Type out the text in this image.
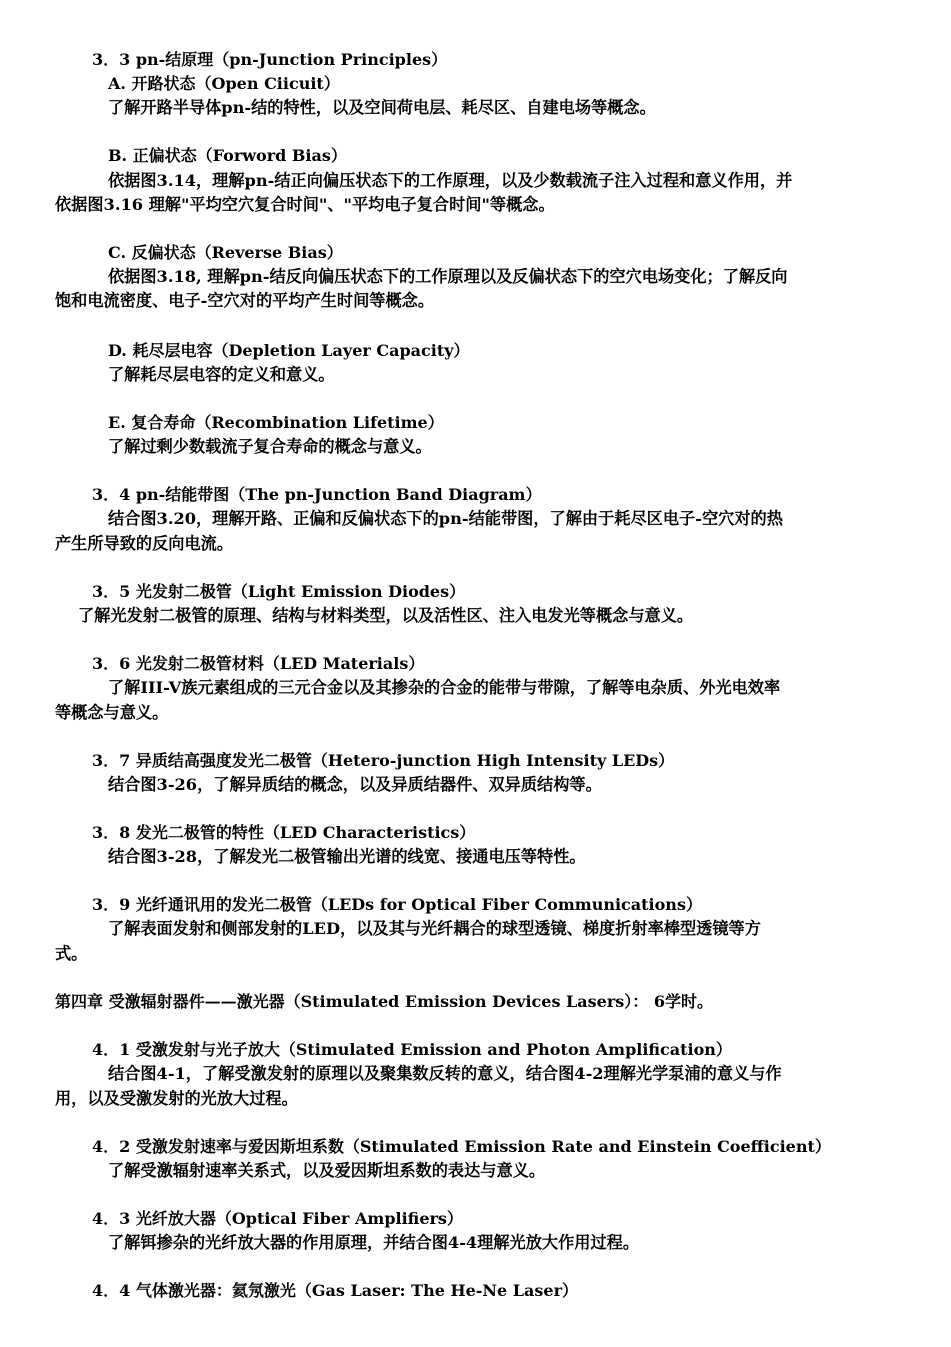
3．3 pn-结原理（pn-Junction Principles）
A. 开路状态（Open Ciicuit）
了解开路半导体pn-结的特性，以及空间荷电层、耗尽区、自建电场等概念。
B. 正偏状态（Forword Bias）
依据图3.14，理解pn-结正向偏压状态下的工作原理，以及少数载流子注入过程和意义作用，并
依据图3.16 理解"平均空穴复合时间"、"平均电子复合时间"等概念。
C. 反偏状态（Reverse Bias）
依据图3.18, 理解pn-结反向偏压状态下的工作原理以及反偏状态下的空穴电场变化；了解反向
饱和电流密度、电子-空穴对的平均产生时间等概念。
D. 耗尽层电容（Depletion Layer Capacity）
了解耗尽层电容的定义和意义。
E. 复合寿命（Recombination Lifetime）
了解过剩少数载流子复合寿命的概念与意义。
3．4 pn-结能带图（The pn-Junction Band Diagram）
结合图3.20，理解开路、正偏和反偏状态下的pn-结能带图，了解由于耗尽区电子-空穴对的热
产生所导致的反向电流。
3．5 光发射二极管（Light Emission Diodes）
了解光发射二极管的原理、结构与材料类型，以及活性区、注入电发光等概念与意义。
3．6 光发射二极管材料（LED Materials）
了解III-V族元素组成的三元合金以及其掺杂的合金的能带与带隙，了解等电杂质、外光电效率
等概念与意义。
3．7 异质结高强度发光二极管（Hetero-junction High Intensity LEDs）
结合图3-26，了解异质结的概念，以及异质结器件、双异质结构等。
3．8 发光二极管的特性（LED Characteristics）
结合图3-28，了解发光二极管输出光谱的线宽、接通电压等特性。
3．9 光纤通讯用的发光二极管（LEDs for Optical Fiber Communications）
了解表面发射和侧部发射的LED，以及其与光纤耦合的球型透镜、梯度折射率棒型透镜等方
式。
第四章 受激辐射器件——激光器（Stimulated Emission Devices Lasers）： 6学时。
4．1 受激发射与光子放大（Stimulated Emission and Photon Amplification）
结合图4-1，了解受激发射的原理以及聚集数反转的意义，结合图4-2理解光学泵浦的意义与作
用，以及受激发射的光放大过程。
4．2 受激发射速率与爱因斯坦系数（Stimulated Emission Rate and Einstein Coefficient）
了解受激辐射速率关系式，以及爱因斯坦系数的表达与意义。
4．3 光纤放大器（Optical Fiber Amplifiers）
了解铒掺杂的光纤放大器的作用原理，并结合图4-4理解光放大作用过程。
4．4 气体激光器：氦氖激光（Gas Laser: The He-Ne Laser）
